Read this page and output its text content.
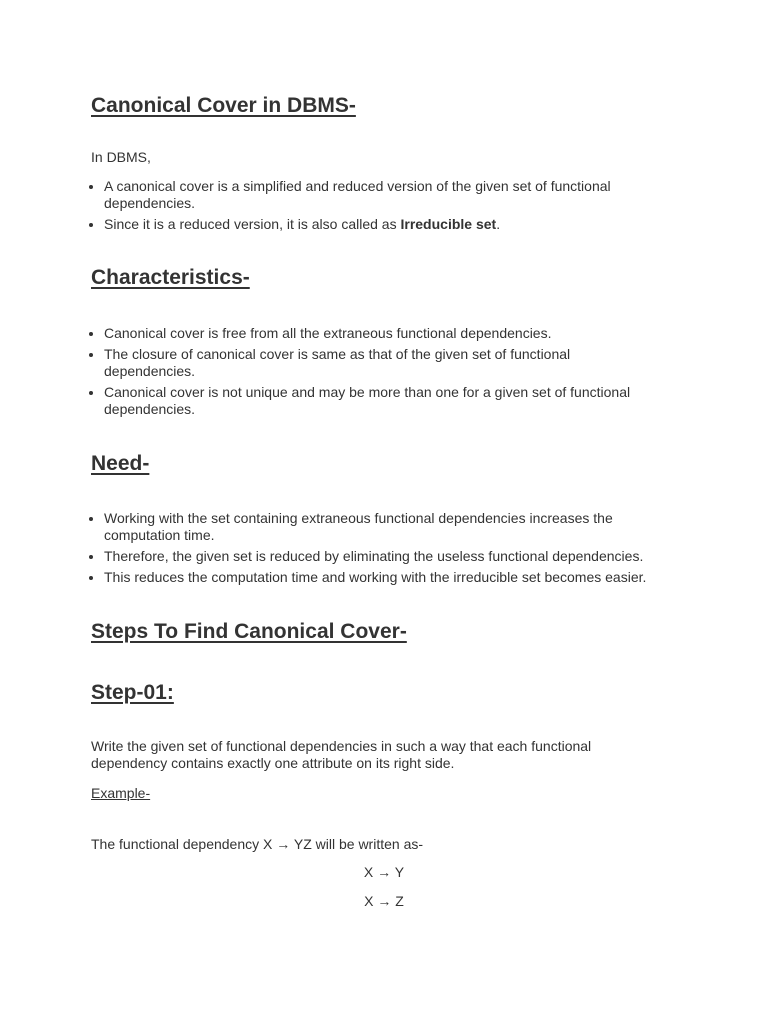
Canonical Cover in DBMS-

In DBMS,

• A canonical cover is a simplified and reduced version of the given set of functional dependencies.
• Since it is a reduced version, it is also called as Irreducible set.
Characteristics-
• Canonical cover is free from all the extraneous functional dependencies.
• The closure of canonical cover is same as that of the given set of functional dependencies.
• Canonical cover is not unique and may be more than one for a given set of functional dependencies.
Need-
• Working with the set containing extraneous functional dependencies increases the computation time.
• Therefore, the given set is reduced by eliminating the useless functional dependencies.
• This reduces the computation time and working with the irreducible set becomes easier.
Steps To Find Canonical Cover-
Step-01:

Write the given set of functional dependencies in such a way that each functional dependency contains exactly one attribute on its right side.

Example-

The functional dependency X → YZ will be written as-

X → Y

X → Z
